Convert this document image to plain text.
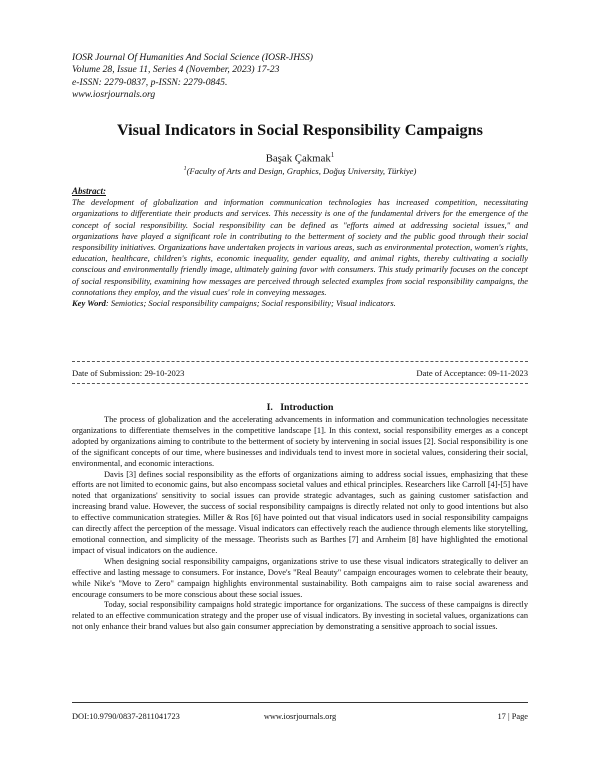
IOSR Journal Of Humanities And Social Science (IOSR-JHSS)
Volume 28, Issue 11, Series 4 (November, 2023) 17-23
e-ISSN: 2279-0837, p-ISSN: 2279-0845.
www.iosrjournals.org
Visual Indicators in Social Responsibility Campaigns
Başak Çakmak$^1$
$^1$(Faculty of Arts and Design, Graphics, Doğuş University, Türkiye)
Abstract:
The development of globalization and information communication technologies has increased competition, necessitating organizations to differentiate their products and services. This necessity is one of the fundamental drivers for the emergence of the concept of social responsibility. Social responsibility can be defined as "efforts aimed at addressing societal issues," and organizations have played a significant role in contributing to the betterment of society and the public good through their social responsibility initiatives. Organizations have undertaken projects in various areas, such as environmental protection, women's rights, education, healthcare, children's rights, economic inequality, gender equality, and animal rights, thereby cultivating a socially conscious and environmentally friendly image, ultimately gaining favor with consumers. This study primarily focuses on the concept of social responsibility, examining how messages are perceived through selected examples from social responsibility campaigns, the connotations they employ, and the visual cues' role in conveying messages.
Key Word: Semiotics; Social responsibility campaigns; Social responsibility; Visual indicators.
Date of Submission: 29-10-2023	Date of Acceptance: 09-11-2023
I. Introduction

The process of globalization and the accelerating advancements in information and communication technologies necessitate organizations to differentiate themselves in the competitive landscape [1]. In this context, social responsibility emerges as a concept adopted by organizations aiming to contribute to the betterment of society by intervening in social issues [2]. Social responsibility is one of the significant concepts of our time, where businesses and individuals tend to invest more in societal values, considering their social, environmental, and economic interactions.

Davis [3] defines social responsibility as the efforts of organizations aiming to address social issues, emphasizing that these efforts are not limited to economic gains, but also encompass societal values and ethical principles. Researchers like Carroll [4]-[5] have noted that organizations' sensitivity to social issues can provide strategic advantages, such as gaining customer satisfaction and increasing brand value. However, the success of social responsibility campaigns is directly related not only to good intentions but also to effective communication strategies. Miller & Ros [6] have pointed out that visual indicators used in social responsibility campaigns can directly affect the perception of the message. Visual indicators can effectively reach the audience through elements like storytelling, emotional connection, and simplicity of the message. Theorists such as Barthes [7] and Arnheim [8] have highlighted the emotional impact of visual indicators on the audience.

When designing social responsibility campaigns, organizations strive to use these visual indicators strategically to deliver an effective and lasting message to consumers. For instance, Dove's "Real Beauty" campaign encourages women to celebrate their beauty, while Nike's "Move to Zero" campaign highlights environmental sustainability. Both campaigns aim to raise social awareness and encourage consumers to be more conscious about these social issues.

Today, social responsibility campaigns hold strategic importance for organizations. The success of these campaigns is directly related to an effective communication strategy and the proper use of visual indicators. By investing in societal values, organizations can not only enhance their brand values but also gain consumer appreciation by demonstrating a sensitive approach to social issues.

DOI:10.9790/0837-2811041723	www.iosrjournals.org	17 | Page
